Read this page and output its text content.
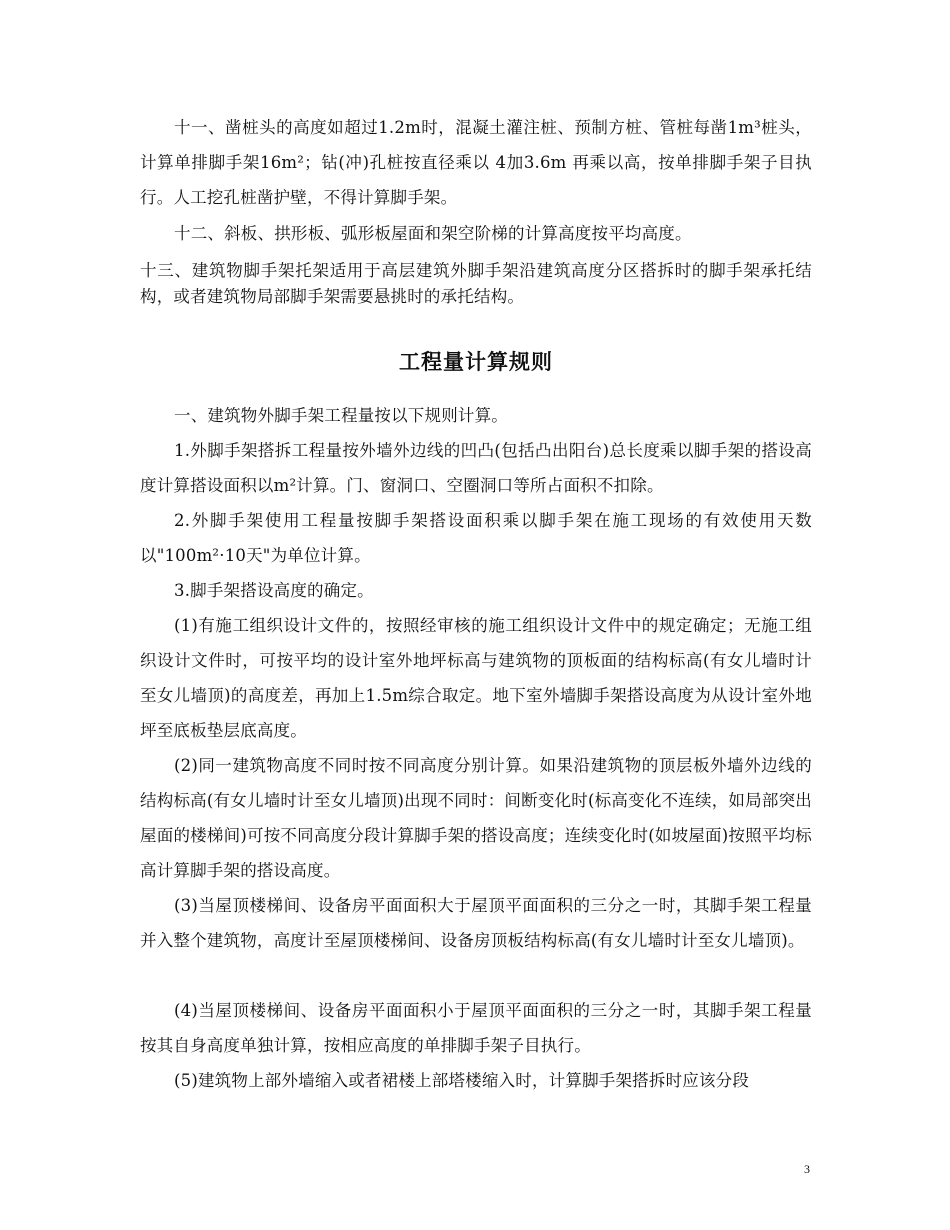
十一、凿桩头的高度如超过1.2m时，混凝土灌注桩、预制方桩、管桩每凿1m³桩头，计算单排脚手架16m²；钻(冲)孔桩按直径乘以 4加3.6m 再乘以高，按单排脚手架子目执行。人工挖孔桩凿护壁，不得计算脚手架。

十二、斜板、拱形板、弧形板屋面和架空阶梯的计算高度按平均高度。

十三、建筑物脚手架托架适用于高层建筑外脚手架沿建筑高度分区搭拆时的脚手架承托结构，或者建筑物局部脚手架需要悬挑时的承托结构。

工程量计算规则

一、建筑物外脚手架工程量按以下规则计算。

1.外脚手架搭拆工程量按外墙外边线的凹凸(包括凸出阳台)总长度乘以脚手架的搭设高度计算搭设面积以m²计算。门、窗洞口、空圈洞口等所占面积不扣除。

2.外脚手架使用工程量按脚手架搭设面积乘以脚手架在施工现场的有效使用天数以"100m²·10天"为单位计算。

3.脚手架搭设高度的确定。

(1)有施工组织设计文件的，按照经审核的施工组织设计文件中的规定确定；无施工组织设计文件时，可按平均的设计室外地坪标高与建筑物的顶板面的结构标高(有女儿墙时计至女儿墙顶)的高度差，再加上1.5m综合取定。地下室外墙脚手架搭设高度为从设计室外地坪至底板垫层底高度。

(2)同一建筑物高度不同时按不同高度分别计算。如果沿建筑物的顶层板外墙外边线的结构标高(有女儿墙时计至女儿墙顶)出现不同时：间断变化时(标高变化不连续，如局部突出屋面的楼梯间)可按不同高度分段计算脚手架的搭设高度；连续变化时(如坡屋面)按照平均标高计算脚手架的搭设高度。

(3)当屋顶楼梯间、设备房平面面积大于屋顶平面面积的三分之一时，其脚手架工程量并入整个建筑物，高度计至屋顶楼梯间、设备房顶板结构标高(有女儿墙时计至女儿墙顶)。

(4)当屋顶楼梯间、设备房平面面积小于屋顶平面面积的三分之一时，其脚手架工程量按其自身高度单独计算，按相应高度的单排脚手架子目执行。

(5)建筑物上部外墙缩入或者裙楼上部塔楼缩入时，计算脚手架搭拆时应该分段

3
